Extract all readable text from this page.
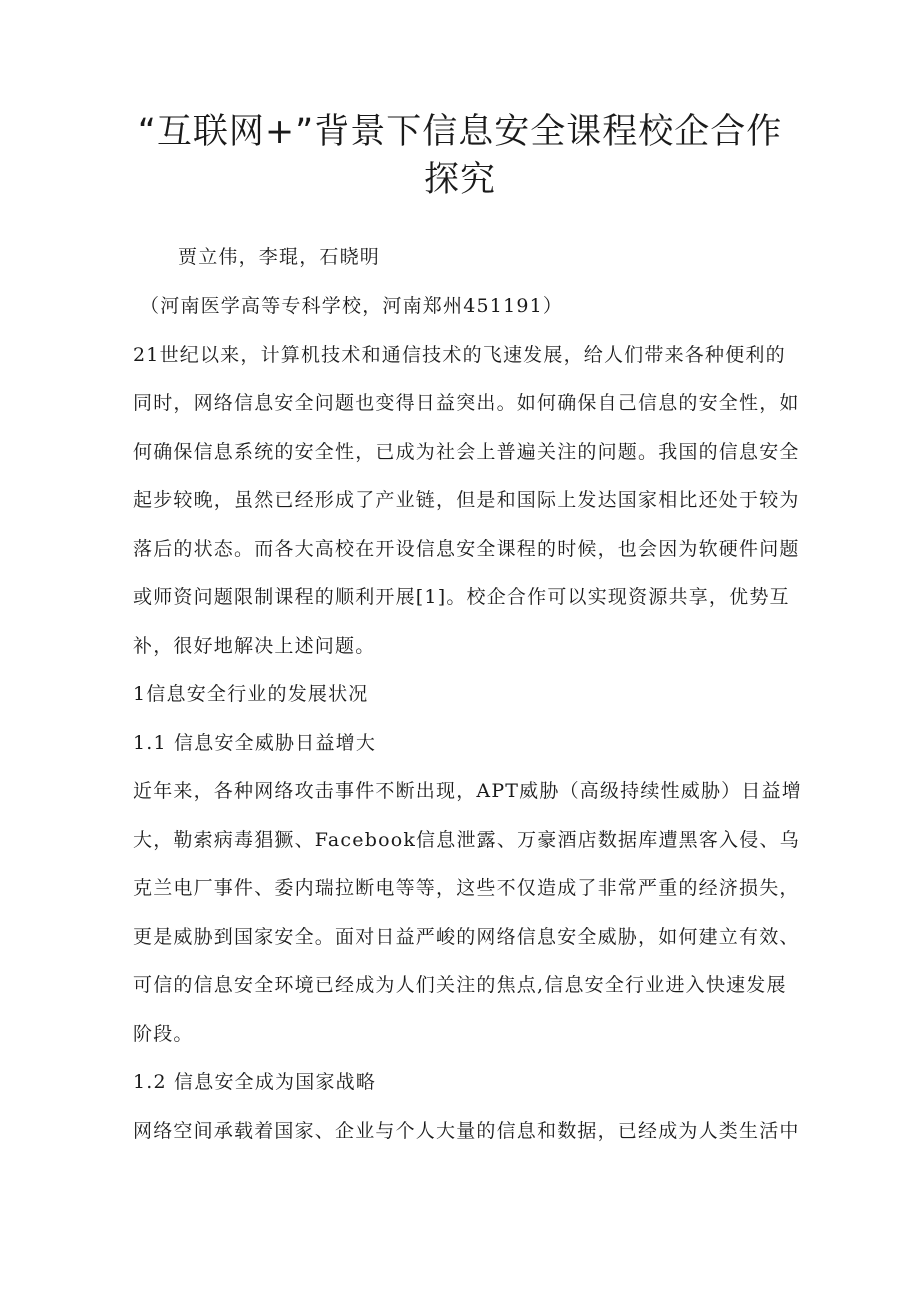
“互联网+”背景下信息安全课程校企合作
探究
贾立伟，李琨，石晓明
（河南医学高等专科学校，河南郑州451191）
21世纪以来，计算机技术和通信技术的飞速发展，给人们带来各种便利的
同时，网络信息安全问题也变得日益突出。如何确保自己信息的安全性，如
何确保信息系统的安全性，已成为社会上普遍关注的问题。我国的信息安全
起步较晚，虽然已经形成了产业链，但是和国际上发达国家相比还处于较为
落后的状态。而各大高校在开设信息安全课程的时候，也会因为软硬件问题
或师资问题限制课程的顺利开展[1]。校企合作可以实现资源共享，优势互
补，很好地解决上述问题。
1信息安全行业的发展状况
1.1 信息安全威胁日益增大
近年来，各种网络攻击事件不断出现，APT威胁（高级持续性威胁）日益增
大，勒索病毒猖獗、Facebook信息泄露、万豪酒店数据库遭黑客入侵、乌
克兰电厂事件、委内瑞拉断电等等，这些不仅造成了非常严重的经济损失，
更是威胁到国家安全。面对日益严峻的网络信息安全威胁，如何建立有效、
可信的信息安全环境已经成为人们关注的焦点,信息安全行业进入快速发展
阶段。
1.2 信息安全成为国家战略
网络空间承载着国家、企业与个人大量的信息和数据，已经成为人类生活中
